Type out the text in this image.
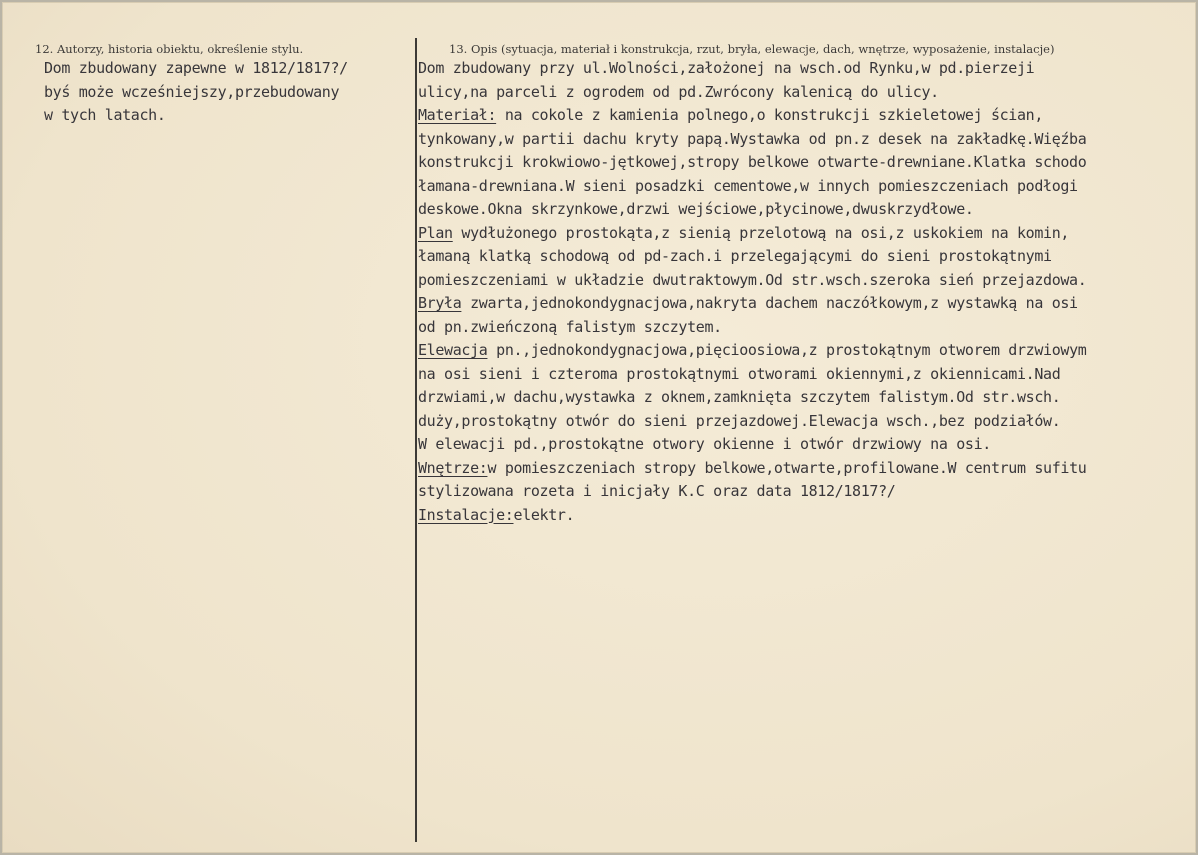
12. Autorzy, historia obiektu, określenie stylu.	13. Opis (sytuacja, materiał i konstrukcja, rzut, bryła, elewacje, dach, wnętrze, wyposażenie, instalacje)
Dom zbudowany zapewne w 1812/1817?/
byś może wcześniejszy,przebudowany
w tych latach.
Dom zbudowany przy ul.Wolności,założonej na wsch.od Rynku,w pd.pierzeji
ulicy,na parceli z ogrodem od pd.Zwrócony kalenicą do ulicy.
Materiał: na cokole z kamienia polnego,o konstrukcji szkieletowej ścian,
tynkowany,w partii dachu kryty papą.Wystawka od pn.z desek na zakładkę.Więźba
konstrukcji krokwiowo-jętkowej,stropy belkowe otwarte-drewniane.Klatka schodo
łamana-drewniana.W sieni posadzki cementowe,w innych pomieszczeniach podłogi
deskowe.Okna skrzynkowe,drzwi wejściowe,płycinowe,dwuskrzydłowe.
Plan wydłużonego prostokąta,z sienią przelotową na osi,z uskokiem na komin,
łamaną klatką schodową od pd-zach.i przelegającymi do sieni prostokątnymi
pomieszczeniami w układzie dwutraktowym.Od str.wsch.szeroka sień przejazdowa.
Bryła zwarta,jednokondygnacjowa,nakryta dachem naczółkowym,z wystawką na osi
od pn.zwieńczoną falistym szczytem.
Elewacja pn.,jednokondygnacjowa,pięcioosiowa,z prostokątnym otworem drzwiowym
na osi sieni i czteroma prostokątnymi otworami okiennymi,z okiennicami.Nad
drzwiami,w dachu,wystawka z oknem,zamknięta szczytem falistym.Od str.wsch.
duży,prostokątny otwór do sieni przejazdowej.Elewacja wsch.,bez podziałów.
W elewacji pd.,prostokątne otwory okienne i otwór drzwiowy na osi.
Wnętrze:w pomieszczeniach stropy belkowe,otwarte,profilowane.W centrum sufitu
stylizowana rozeta i inicjały K.C oraz data 1812/1817?/
Instalacje:elektr.
